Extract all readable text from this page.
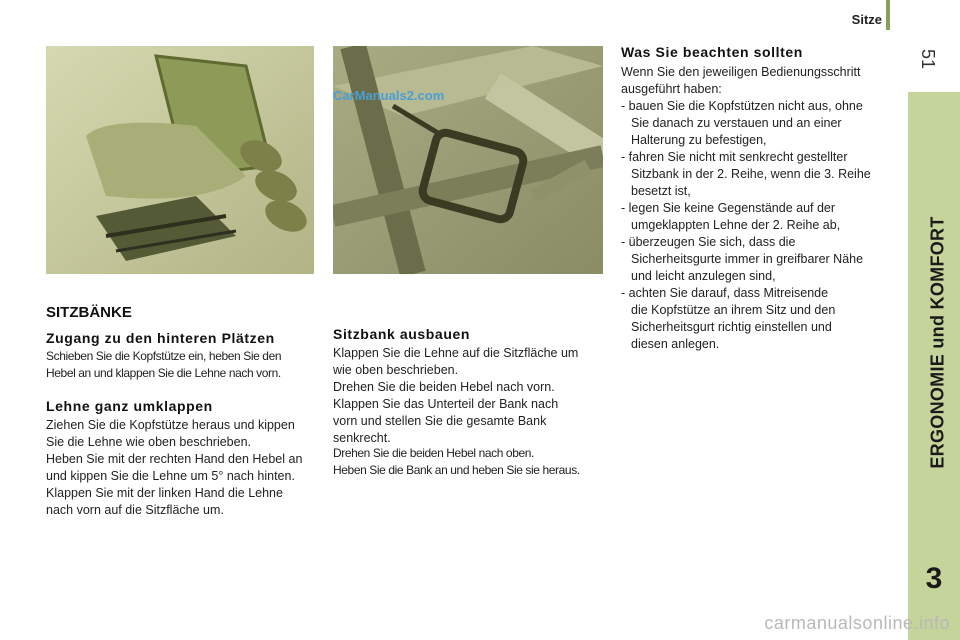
Sitze
51
ERGONOMIE und KOMFORT
3
CarManuals2.com
SITZBÄNKE
Zugang zu den hinteren Plätzen
Schieben Sie die Kopfstütze ein, heben Sie den
Hebel an und klappen Sie die Lehne nach vorn.
Lehne ganz umklappen
Ziehen Sie die Kopfstütze heraus und kippen
Sie die Lehne wie oben beschrieben.
Heben Sie mit der rechten Hand den Hebel an
und kippen Sie die Lehne um 5° nach hinten.
Klappen Sie mit der linken Hand die Lehne
nach vorn auf die Sitzfläche um.
Sitzbank ausbauen
Klappen Sie die Lehne auf die Sitzfläche um
wie oben beschrieben.
Drehen Sie die beiden Hebel nach vorn.
Klappen Sie das Unterteil der Bank nach
vorn und stellen Sie die gesamte Bank
senkrecht.
Drehen Sie die beiden Hebel nach oben.
Heben Sie die Bank an und heben Sie sie heraus.
Was Sie beachten sollten
Wenn Sie den jeweiligen Bedienungsschritt
ausgeführt haben:
- bauen Sie die Kopfstützen nicht aus, ohne
Sie danach zu verstauen und an einer
Halterung zu befestigen,
- fahren Sie nicht mit senkrecht gestellter
Sitzbank in der 2. Reihe, wenn die 3. Reihe
besetzt ist,
- legen Sie keine Gegenstände auf der
umgeklappten Lehne der 2. Reihe ab,
- überzeugen Sie sich, dass die
Sicherheitsgurte immer in greifbarer Nähe
und leicht anzulegen sind,
- achten Sie darauf, dass Mitreisende
die Kopfstütze an ihrem Sitz und den
Sicherheitsgurt richtig einstellen und
diesen anlegen.
carmanualsonline.info
